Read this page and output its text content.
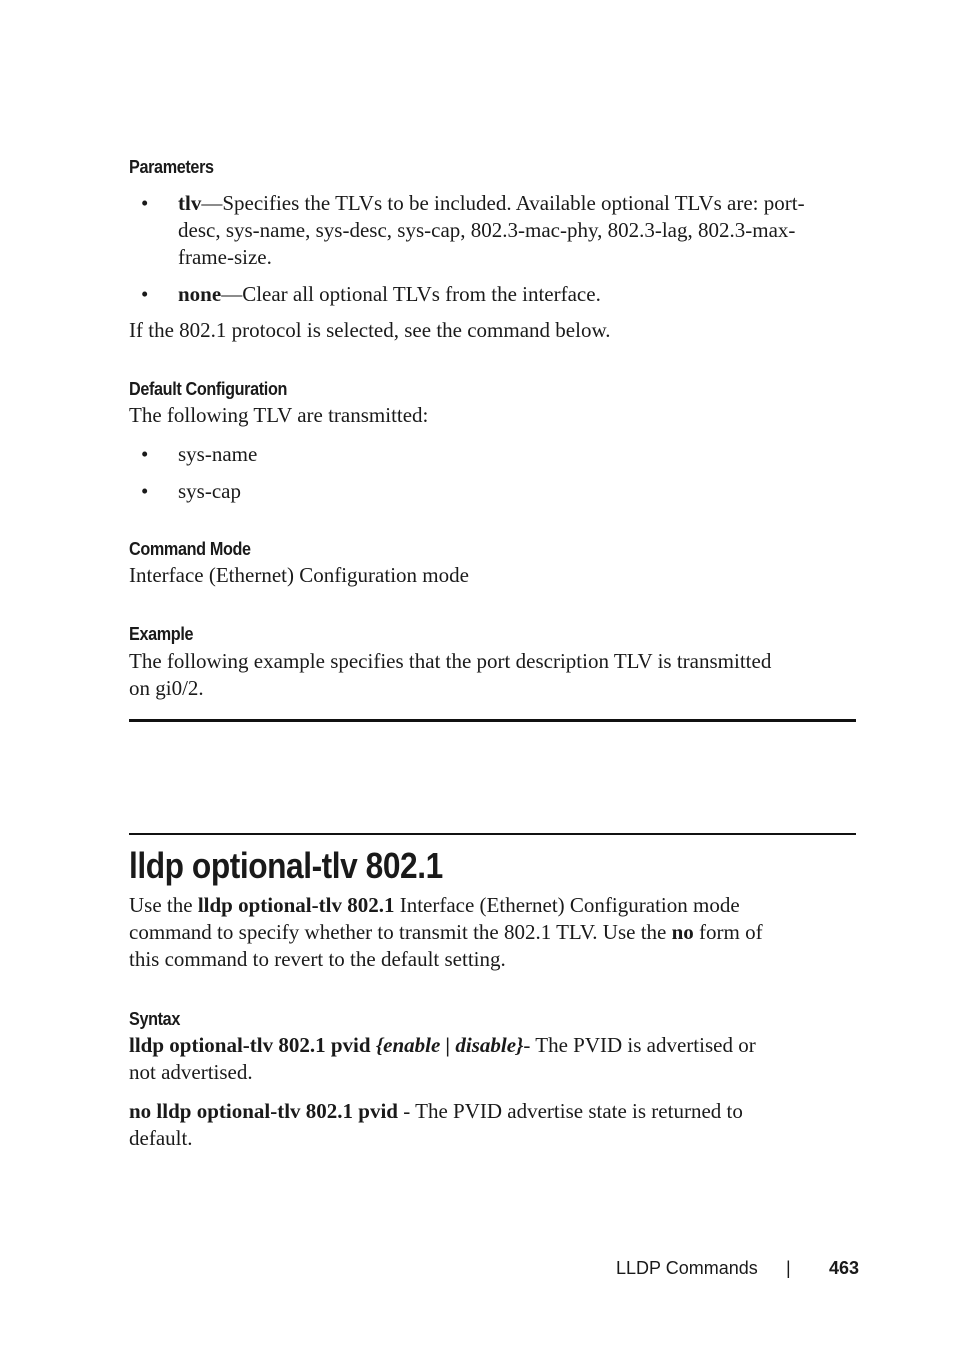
Parameters
• tlv—Specifies the TLVs to be included. Available optional TLVs are: port-
desc, sys-name, sys-desc, sys-cap, 802.3-mac-phy, 802.3-lag, 802.3-max-
frame-size.
• none—Clear all optional TLVs from the interface.
If the 802.1 protocol is selected, see the command below.
Default Configuration
The following TLV are transmitted:
• sys-name
• sys-cap
Command Mode
Interface (Ethernet) Configuration mode
Example
The following example specifies that the port description TLV is transmitted
on gi0/2.
lldp optional-tlv 802.1
Use the lldp optional-tlv 802.1 Interface (Ethernet) Configuration mode
command to specify whether to transmit the 802.1 TLV. Use the no form of
this command to revert to the default setting.
Syntax
lldp optional-tlv 802.1 pvid {enable | disable}- The PVID is advertised or
not advertised.
no lldp optional-tlv 802.1 pvid - The PVID advertise state is returned to
default.
LLDP Commands | 463
